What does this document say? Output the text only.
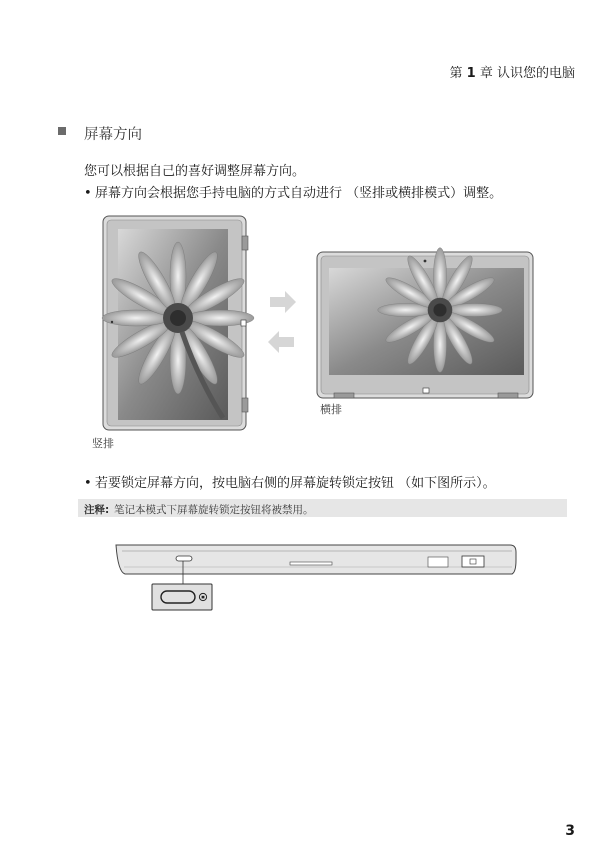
第 1 章 认识您的电脑
屏幕方向
您可以根据自己的喜好调整屏幕方向。
• 屏幕方向会根据您手持电脑的方式自动进行 （竖排或横排模式）调整。
竖排
横排
• 若要锁定屏幕方向，按电脑右侧的屏幕旋转锁定按钮 （如下图所示）。
注释: 笔记本模式下屏幕旋转锁定按钮将被禁用。
3
